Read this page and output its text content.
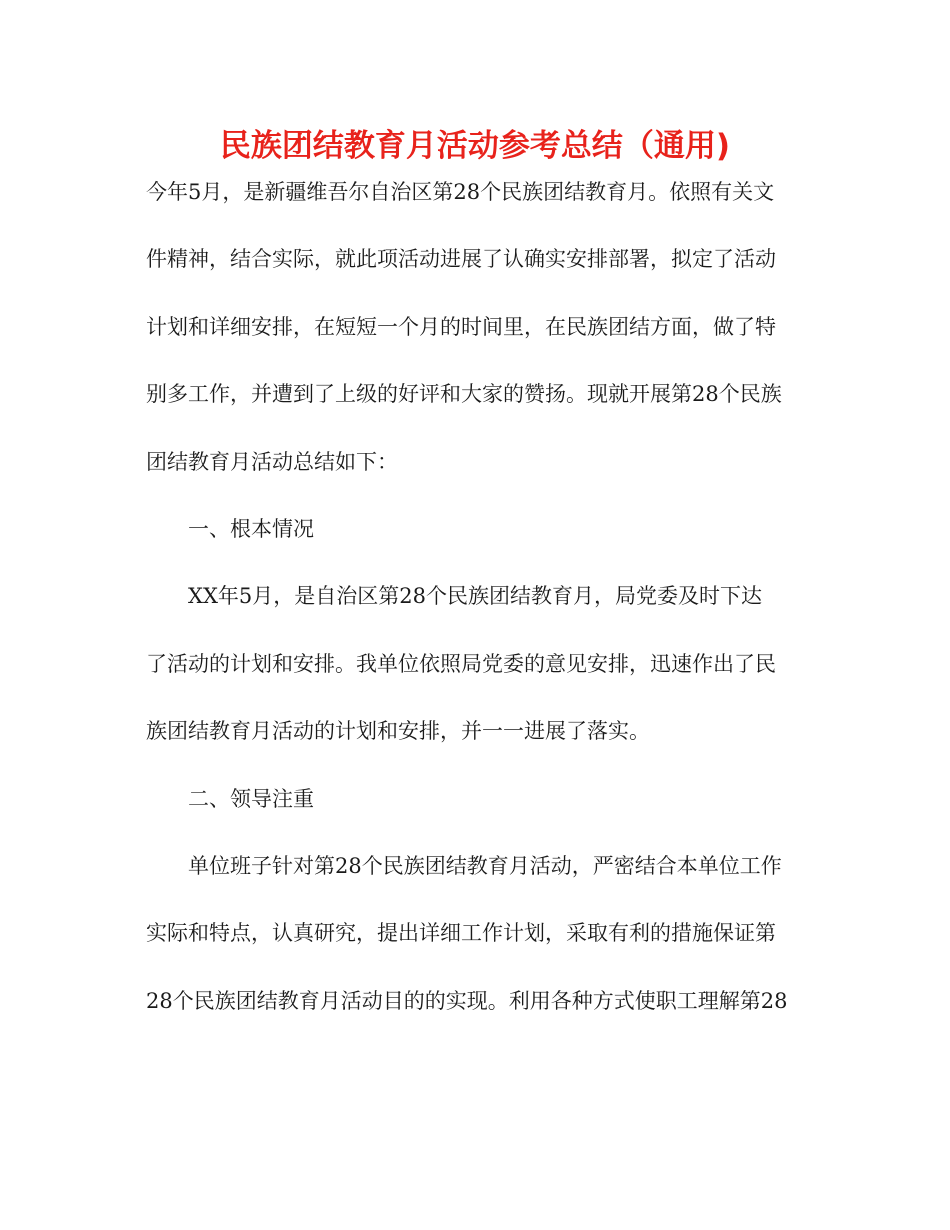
民族团结教育月活动参考总结（通用)
今年5月，是新疆维吾尔自治区第28个民族团结教育月。依照有关文
件精神，结合实际，就此项活动进展了认确实安排部署，拟定了活动
计划和详细安排，在短短一个月的时间里，在民族团结方面，做了特
别多工作，并遭到了上级的好评和大家的赞扬。现就开展第28个民族
团结教育月活动总结如下：
一、根本情况
XX年5月，是自治区第28个民族团结教育月，局党委及时下达
了活动的计划和安排。我单位依照局党委的意见安排，迅速作出了民
族团结教育月活动的计划和安排，并一一进展了落实。
二、领导注重
单位班子针对第28个民族团结教育月活动，严密结合本单位工作
实际和特点，认真研究，提出详细工作计划，采取有利的措施保证第
28个民族团结教育月活动目的的实现。利用各种方式使职工理解第28
